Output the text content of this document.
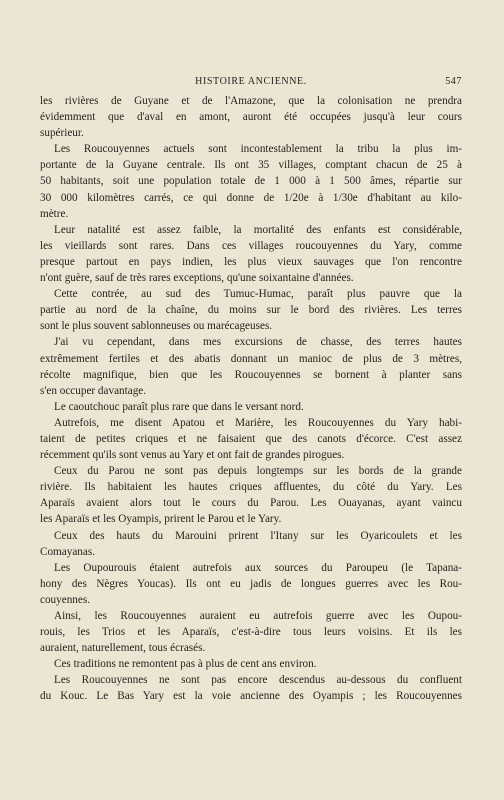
HISTOIRE ANCIENNE.	547

les rivières de Guyane et de l'Amazone, que la colonisation ne prendra
évidemment que d'aval en amont, auront été occupées jusqu'à leur cours
supérieur.

Les Roucouyennes actuels sont incontestablement la tribu la plus im-
portante de la Guyane centrale. Ils ont 35 villages, comptant chacun de 25 à
50 habitants, soit une population totale de 1 000 à 1 500 âmes, répartie sur
30 000 kilomètres carrés, ce qui donne de 1/20e à 1/30e d'habitant au kilo-
mètre.

Leur natalité est assez faible, la mortalité des enfants est considérable,
les vieillards sont rares. Dans ces villages roucouyennes du Yary, comme
presque partout en pays indien, les plus vieux sauvages que l'on rencontre
n'ont guère, sauf de très rares exceptions, qu'une soixantaine d'années.

Cette contrée, au sud des Tumuc-Humac, paraît plus pauvre que la
partie au nord de la chaîne, du moins sur le bord des rivières. Les terres
sont le plus souvent sablonneuses ou marécageuses.

J'ai vu cependant, dans mes excursions de chasse, des terres hautes
extrêmement fertiles et des abatis donnant un manioc de plus de 3 mètres,
récolte magnifique, bien que les Roucouyennes se bornent à planter sans
s'en occuper davantage.

Le caoutchouc paraît plus rare que dans le versant nord.

Autrefois, me disent Apatou et Marière, les Roucouyennes du Yary habi-
taient de petites criques et ne faisaient que des canots d'écorce. C'est assez
récemment qu'ils sont venus au Yary et ont fait de grandes pirogues.

Ceux du Parou ne sont pas depuis longtemps sur les bords de la grande
rivière. Ils habitaient les hautes criques affluentes, du côté du Yary. Les
Aparaïs avaient alors tout le cours du Parou. Les Ouayanas, ayant vaincu
les Aparaïs et les Oyampis, prirent le Parou et le Yary.

Ceux des hauts du Marouini prirent l'Itany sur les Oyaricoulets et les
Comayanas.

Les Oupourouis étaient autrefois aux sources du Paroupeu (le Tapana-
hony des Nègres Youcas). Ils ont eu jadis de longues guerres avec les Rou-
couyennes.

Ainsi, les Roucouyennes auraient eu autrefois guerre avec les Oupou-
rouis, les Trios et les Aparaïs, c'est-à-dire tous leurs voisins. Et ils les
auraient, naturellement, tous écrasés.

Ces traditions ne remontent pas à plus de cent ans environ.

Les Roucouyennes ne sont pas encore descendus au-dessous du confluent
du Kouc. Le Bas Yary est la voie ancienne des Oyampis ; les Roucouyennes
